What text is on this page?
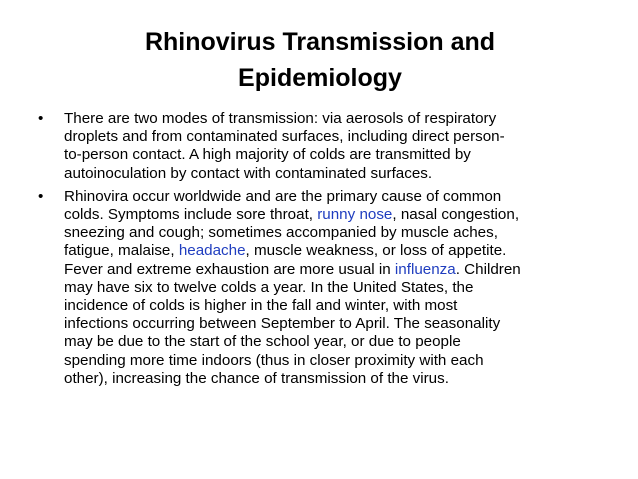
Rhinovirus Transmission and
Epidemiology
•	There are two modes of transmission: via aerosols of respiratory
droplets and from contaminated surfaces, including direct person-
to-person contact. A high majority of colds are transmitted by
autoinoculation by contact with contaminated surfaces.
•	Rhinovira occur worldwide and are the primary cause of common
colds. Symptoms include sore throat, runny nose, nasal congestion,
sneezing and cough; sometimes accompanied by muscle aches,
fatigue, malaise, headache, muscle weakness, or loss of appetite.
Fever and extreme exhaustion are more usual in influenza. Children
may have six to twelve colds a year. In the United States, the
incidence of colds is higher in the fall and winter, with most
infections occurring between September to April. The seasonality
may be due to the start of the school year, or due to people
spending more time indoors (thus in closer proximity with each
other), increasing the chance of transmission of the virus.
